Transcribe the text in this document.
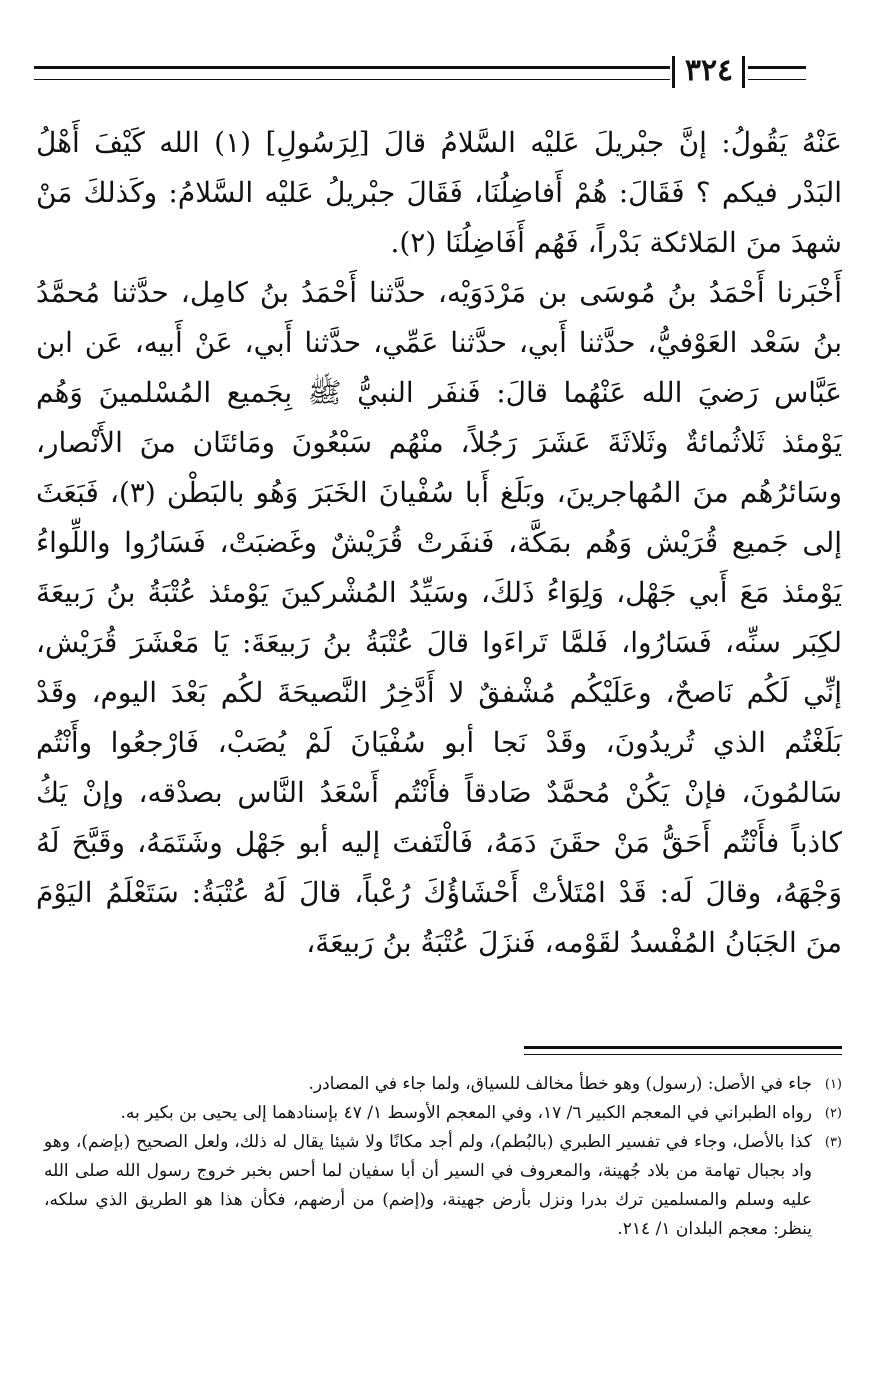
٣٢٤

عَنْهُ يَقُولُ: إنَّ جبْريلَ عَليْه السَّلامُ قالَ [لِرَسُولِ] (١) الله كَيْفَ أَهْلُ البَدْر فيكم ؟ فَقَالَ: هُمْ أَفاضِلُنَا، فَقَالَ جبْريلُ عَليْه السَّلامُ: وكَذلكَ مَنْ شهدَ منَ المَلائكة بَدْراً، فَهُم أَفَاضِلُنَا (٢).

أَخْبَرنا أَحْمَدُ بنُ مُوسَى بن مَرْدَوَيْه، حدَّثنا أَحْمَدُ بنُ كامِل، حدَّثنا مُحمَّدُ بنُ سَعْد العَوْفيُّ، حدَّثنا أَبي، حدَّثنا عَمِّي، حدَّثنا أَبي، عَنْ أَبيه، عَن ابن عَبَّاس رَضيَ الله عَنْهُما قالَ: فَنفَر النبيُّ ﷺ بِجَميع المُسْلمينَ وَهُم يَوْمئذ ثَلاثُمائةٌ وثَلاثَةَ عَشَرَ رَجُلاً، منْهُم سَبْعُونَ ومَائتَان منَ الأَنْصار، وسَائرُهُم منَ المُهاجرينَ، وبَلَغ أَبا سُفْيانَ الخَبَرَ وَهُو بالبَطْن (٣)، فَبَعَثَ إلى جَميع قُرَيْش وَهُم بمَكَّة، فَنفَرتْ قُرَيْشٌ وغَضبَتْ، فَسَارُوا واللِّواءُ يَوْمئذ مَعَ أَبي جَهْل، وَلِوَاءُ ذَلكَ، وسَيِّدُ المُشْركينَ يَوْمئذ عُتْبَةُ بنُ رَبيعَةَ لكِبَر سنِّه، فَسَارُوا، فَلمَّا تَراءَوا قالَ عُتْبَةُ بنُ رَبيعَةَ: يَا مَعْشَرَ قُرَيْش، إنِّي لَكُم نَاصحٌ، وعَلَيْكُم مُشْفقٌ لا أَدَّخِرُ النَّصيحَةَ لكُم بَعْدَ اليوم، وقَدْ بَلَغْتُم الذي تُريدُونَ، وقَدْ نَجا أبو سُفْيَانَ لَمْ يُصَبْ، فَارْجعُوا وأَنْتُم سَالمُونَ، فإنْ يَكُنْ مُحمَّدٌ صَادقاً فأَنْتُم أَسْعَدُ النَّاس بصدْقه، وإنْ يَكُ كاذباً فأَنْتُم أَحَقُّ مَنْ حقَنَ دَمَهُ، فَالْتَفتَ إليه أبو جَهْل وشَتَمَهُ، وقَبَّحَ لَهُ وَجْهَهُ، وقالَ لَه: قَدْ امْتَلأتْ أَحْشَاؤُكَ رُعْباً، قالَ لَهُ عُتْبَةُ: سَتَعْلَمُ اليَوْمَ منَ الجَبَانُ المُفْسدُ لقَوْمه، فَنزَلَ عُتْبَةُ بنُ رَبيعَةَ،

(١)
جاء في الأصل: (رسول) وهو خطأ مخالف للسياق، ولما جاء في المصادر.
(٢)
رواه الطبراني في المعجم الكبير ٦/ ١٧، وفي المعجم الأوسط ١/ ٤٧ بإسنادهما إلى يحيى بن بكير به.
(٣)
كذا بالأصل، وجاء في تفسير الطبري (بالبُطم)، ولم أجد مكانًا ولا شيئا يقال له ذلك، ولعل الصحيح (بإضم)، وهو واد بجبال تهامة من بلاد جُهينة، والمعروف في السير أن أبا سفيان لما أحس بخبر خروج رسول الله صلى الله عليه وسلم والمسلمين ترك بدرا ونزل بأرض جهينة، و(إضم) من أرضهم، فكأن هذا هو الطريق الذي سلكه، ينظر: معجم البلدان ١/ ٢١٤.
